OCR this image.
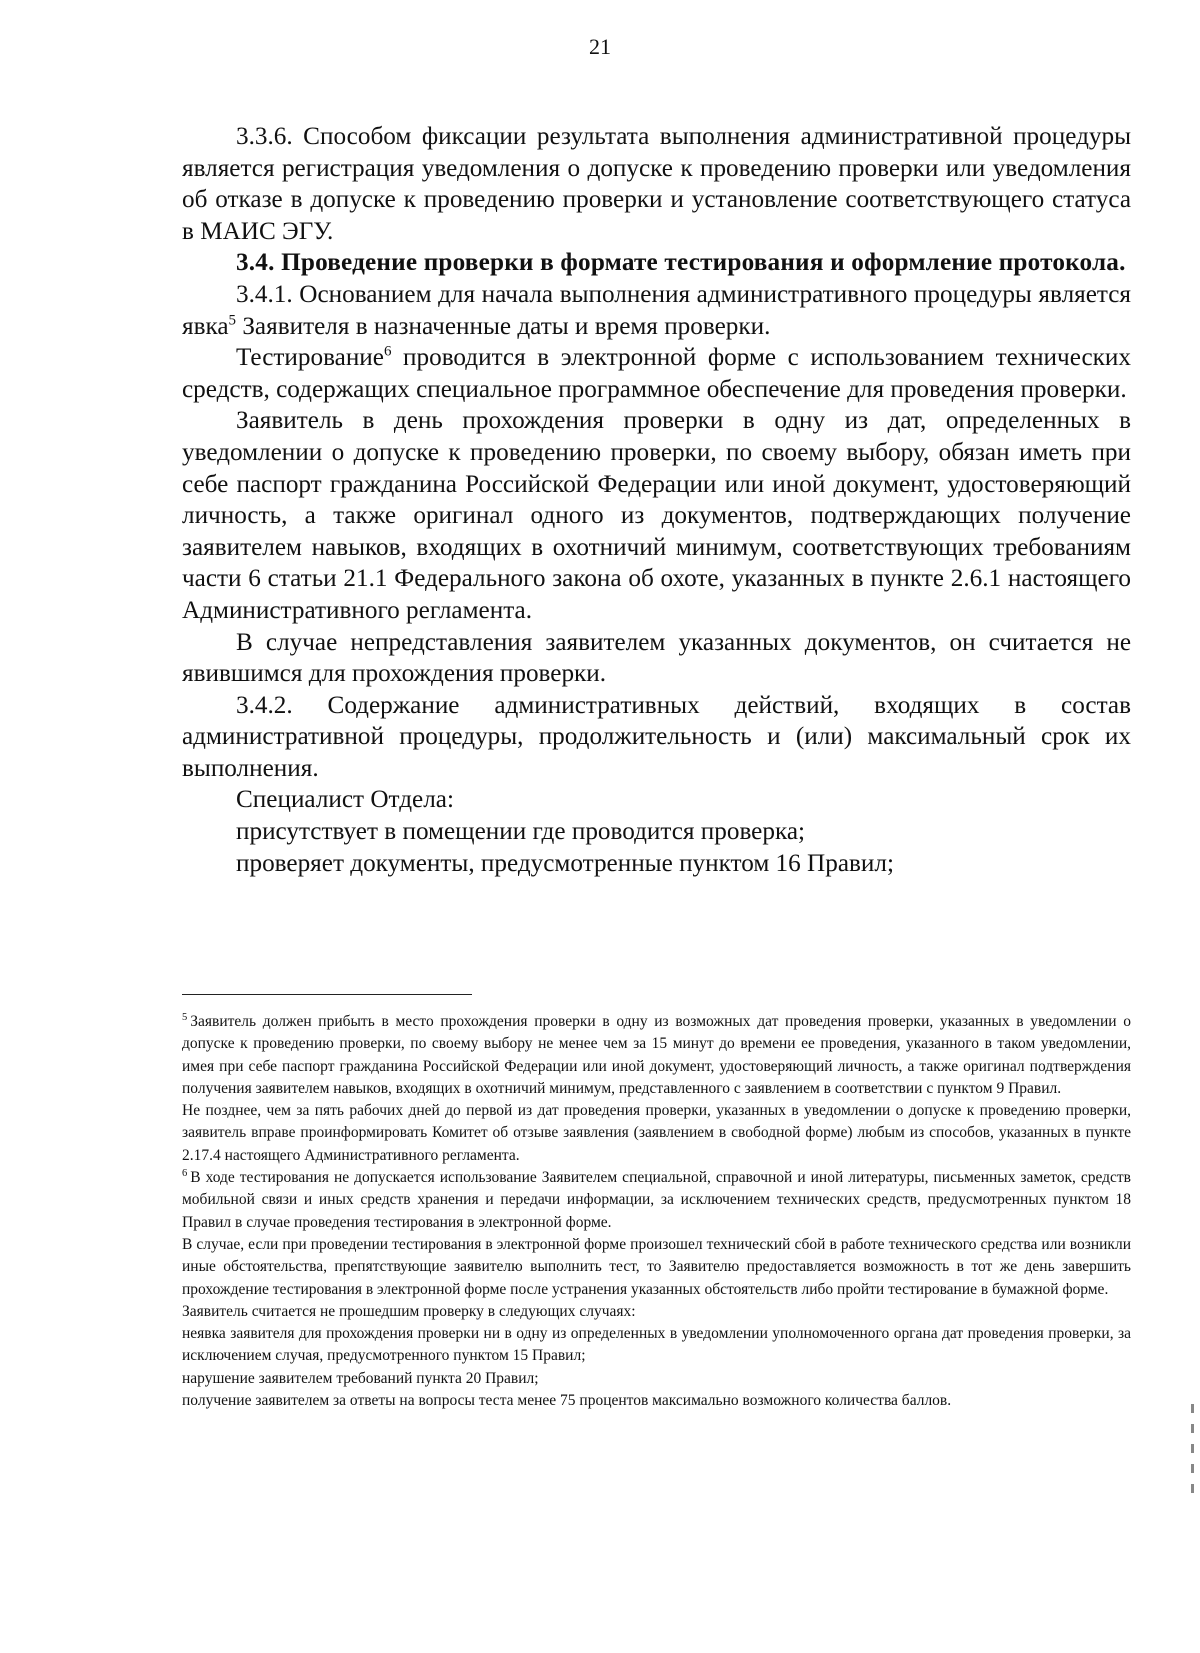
21

3.3.6. Способом фиксации результата выполнения административной процедуры является регистрация уведомления о допуске к проведению проверки или уведомления об отказе в допуске к проведению проверки и установление соответствующего статуса в МАИС ЭГУ.

3.4. Проведение проверки в формате тестирования и оформление протокола.

3.4.1. Основанием для начала выполнения административного процедуры является явка$^5$ Заявителя в назначенные даты и время проверки.

Тестирование$^6$ проводится в электронной форме с использованием технических средств, содержащих специальное программное обеспечение для проведения проверки.

Заявитель в день прохождения проверки в одну из дат, определенных в уведомлении о допуске к проведению проверки, по своему выбору, обязан иметь при себе паспорт гражданина Российской Федерации или иной документ, удостоверяющий личность, а также оригинал одного из документов, подтверждающих получение заявителем навыков, входящих в охотничий минимум, соответствующих требованиям части 6 статьи 21.1 Федерального закона об охоте, указанных в пункте 2.6.1 настоящего Административного регламента.

В случае непредставления заявителем указанных документов, он считается не явившимся для прохождения проверки.

3.4.2. Содержание административных действий, входящих в состав административной процедуры, продолжительность и (или) максимальный срок их выполнения.

Специалист Отдела:

присутствует в помещении где проводится проверка;

проверяет документы, предусмотренные пунктом 16 Правил;

$^5$ Заявитель должен прибыть в место прохождения проверки в одну из возможных дат проведения проверки, указанных в уведомлении о допуске к проведению проверки, по своему выбору не менее чем за 15 минут до времени ее проведения, указанного в таком уведомлении, имея при себе паспорт гражданина Российской Федерации или иной документ, удостоверяющий личность, а также оригинал подтверждения получения заявителем навыков, входящих в охотничий минимум, представленного с заявлением в соответствии с пунктом 9 Правил.

Не позднее, чем за пять рабочих дней до первой из дат проведения проверки, указанных в уведомлении о допуске к проведению проверки, заявитель вправе проинформировать Комитет об отзыве заявления (заявлением в свободной форме) любым из способов, указанных в пункте 2.17.4 настоящего Административного регламента.

$^6$ В ходе тестирования не допускается использование Заявителем специальной, справочной и иной литературы, письменных заметок, средств мобильной связи и иных средств хранения и передачи информации, за исключением технических средств, предусмотренных пунктом 18 Правил в случае проведения тестирования в электронной форме.

В случае, если при проведении тестирования в электронной форме произошел технический сбой в работе технического средства или возникли иные обстоятельства, препятствующие заявителю выполнить тест, то Заявителю предоставляется возможность в тот же день завершить прохождение тестирования в электронной форме после устранения указанных обстоятельств либо пройти тестирование в бумажной форме.

Заявитель считается не прошедшим проверку в следующих случаях:

неявка заявителя для прохождения проверки ни в одну из определенных в уведомлении уполномоченного органа дат проведения проверки, за исключением случая, предусмотренного пунктом 15 Правил;

нарушение заявителем требований пункта 20 Правил;

получение заявителем за ответы на вопросы теста менее 75 процентов максимально возможного количества баллов.
